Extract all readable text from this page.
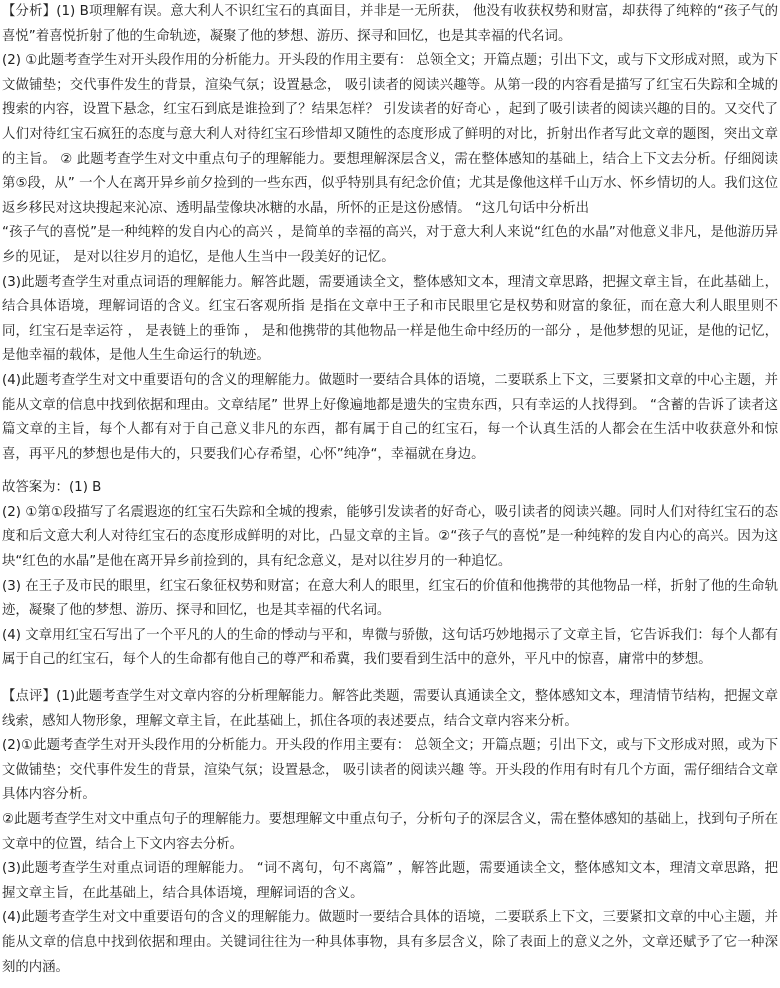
【分析】(1) B项理解有误。意大利人不识红宝石的真面目，并非是一无所获， 他没有收获权势和财富，却获得了纯粹的“孩子气的喜悦”着喜悦折射了他的生命轨迹，凝聚了他的梦想、游历、探寻和回忆，也是其幸福的代名词。

(2) ①此题考查学生对开头段作用的分析能力。开头段的作用主要有： 总领全文；开篇点题；引出下文，或与下文形成对照，或为下文做铺垫；交代事件发生的背景，渲染气氛；设置悬念， 吸引读者的阅读兴趣等。从第一段的内容看是描写了红宝石失踪和全城的搜索的内容，设置下悬念，红宝石到底是谁捡到了？结果怎样？ 引发读者的好奇心 ，起到了吸引读者的阅读兴趣的目的。又交代了人们对待红宝石疯狂的态度与意大利人对待红宝石珍惜却又随性的态度形成了鲜明的对比，折射出作者写此文章的题图，突出文章的主旨。 ② 此题考查学生对文中重点句子的理解能力。要想理解深层含义，需在整体感知的基础上，结合上下文去分析。仔细阅读第⑤段，从” 一个人在离开异乡前夕捡到的一些东西，似乎特别具有纪念价值；尤其是像他这样千山万水、怀乡情切的人。我们这位返乡移民对这块搜起来沁凉、透明晶莹像块冰糖的水晶，所怀的正是这份感情。 “这几句话中分析出

“孩子气的喜悦”是一种纯粹的发自内心的高兴 ，是简单的幸福的高兴，对于意大利人来说“红色的水晶”对他意义非凡，是他游历异乡的见证， 是对以往岁月的追忆，是他人生当中一段美好的记忆。

(3)此题考查学生对重点词语的理解能力。解答此题，需要通读全文，整体感知文本，理清文章思路，把握文章主旨，在此基础上，结合具体语境，理解词语的含义。红宝石客观所指 是指在文章中王子和市民眼里它是权势和财富的象征，而在意大利人眼里则不同，红宝石是幸运符 ， 是表链上的垂饰 ， 是和他携带的其他物品一样是他生命中经历的一部分 ，是他梦想的见证，是他的记忆，是他幸福的载体，是他人生生命运行的轨迹。

(4)此题考查学生对文中重要语句的含义的理解能力。做题时一要结合具体的语境，二要联系上下文，三要紧扣文章的中心主题，并能从文章的信息中找到依据和理由。文章结尾” 世界上好像遍地都是遗失的宝贵东西，只有幸运的人找得到。 “含蓄的告诉了读者这篇文章的主旨，每个人都有对于自己意义非凡的东西，都有属于自己的红宝石，每一个认真生活的人都会在生活中收获意外和惊喜，再平凡的梦想也是伟大的，只要我们心存希望，心怀”纯净“，幸福就在身边。

故答案为：(1) B

(2) ①第①段描写了名震遐迩的红宝石失踪和全城的搜索，能够引发读者的好奇心，吸引读者的阅读兴趣。同时人们对待红宝石的态度和后文意大利人对待红宝石的态度形成鲜明的对比，凸显文章的主旨。②“孩子气的喜悦”是一种纯粹的发自内心的高兴。因为这块“红色的水晶”是他在离开异乡前捡到的，具有纪念意义，是对以往岁月的一种追忆。

(3) 在王子及市民的眼里，红宝石象征权势和财富；在意大利人的眼里，红宝石的价值和他携带的其他物品一样，折射了他的生命轨迹，凝聚了他的梦想、游历、探寻和回忆，也是其幸福的代名词。

(4) 文章用红宝石写出了一个平凡的人的生命的悸动与平和，卑微与骄傲，这句话巧妙地揭示了文章主旨，它告诉我们：每个人都有属于自己的红宝石，每个人的生命都有他自己的尊严和希冀，我们要看到生活中的意外，平凡中的惊喜，庸常中的梦想。

【点评】(1)此题考查学生对文章内容的分析理解能力。解答此类题，需要认真通读全文，整体感知文本，理清情节结构，把握文章线索，感知人物形象，理解文章主旨，在此基础上，抓住各项的表述要点，结合文章内容来分析。

(2)①此题考查学生对开头段作用的分析能力。开头段的作用主要有： 总领全文；开篇点题；引出下文，或与下文形成对照，或为下文做铺垫；交代事件发生的背景，渲染气氛；设置悬念， 吸引读者的阅读兴趣 等。开头段的作用有时有几个方面，需仔细结合文章具体内容分析。

②此题考查学生对文中重点句子的理解能力。要想理解文中重点句子，分析句子的深层含义，需在整体感知的基础上，找到句子所在文章中的位置，结合上下文内容去分析。

(3)此题考查学生对重点词语的理解能力。 “词不离句，句不离篇” ，解答此题，需要通读全文，整体感知文本，理清文章思路，把握文章主旨，在此基础上，结合具体语境，理解词语的含义。

(4)此题考查学生对文中重要语句的含义的理解能力。做题时一要结合具体的语境，二要联系上下文，三要紧扣文章的中心主题，并能从文章的信息中找到依据和理由。关键词往往为一种具体事物，具有多层含义，除了表面上的意义之外，文章还赋予了它一种深刻的内涵。
